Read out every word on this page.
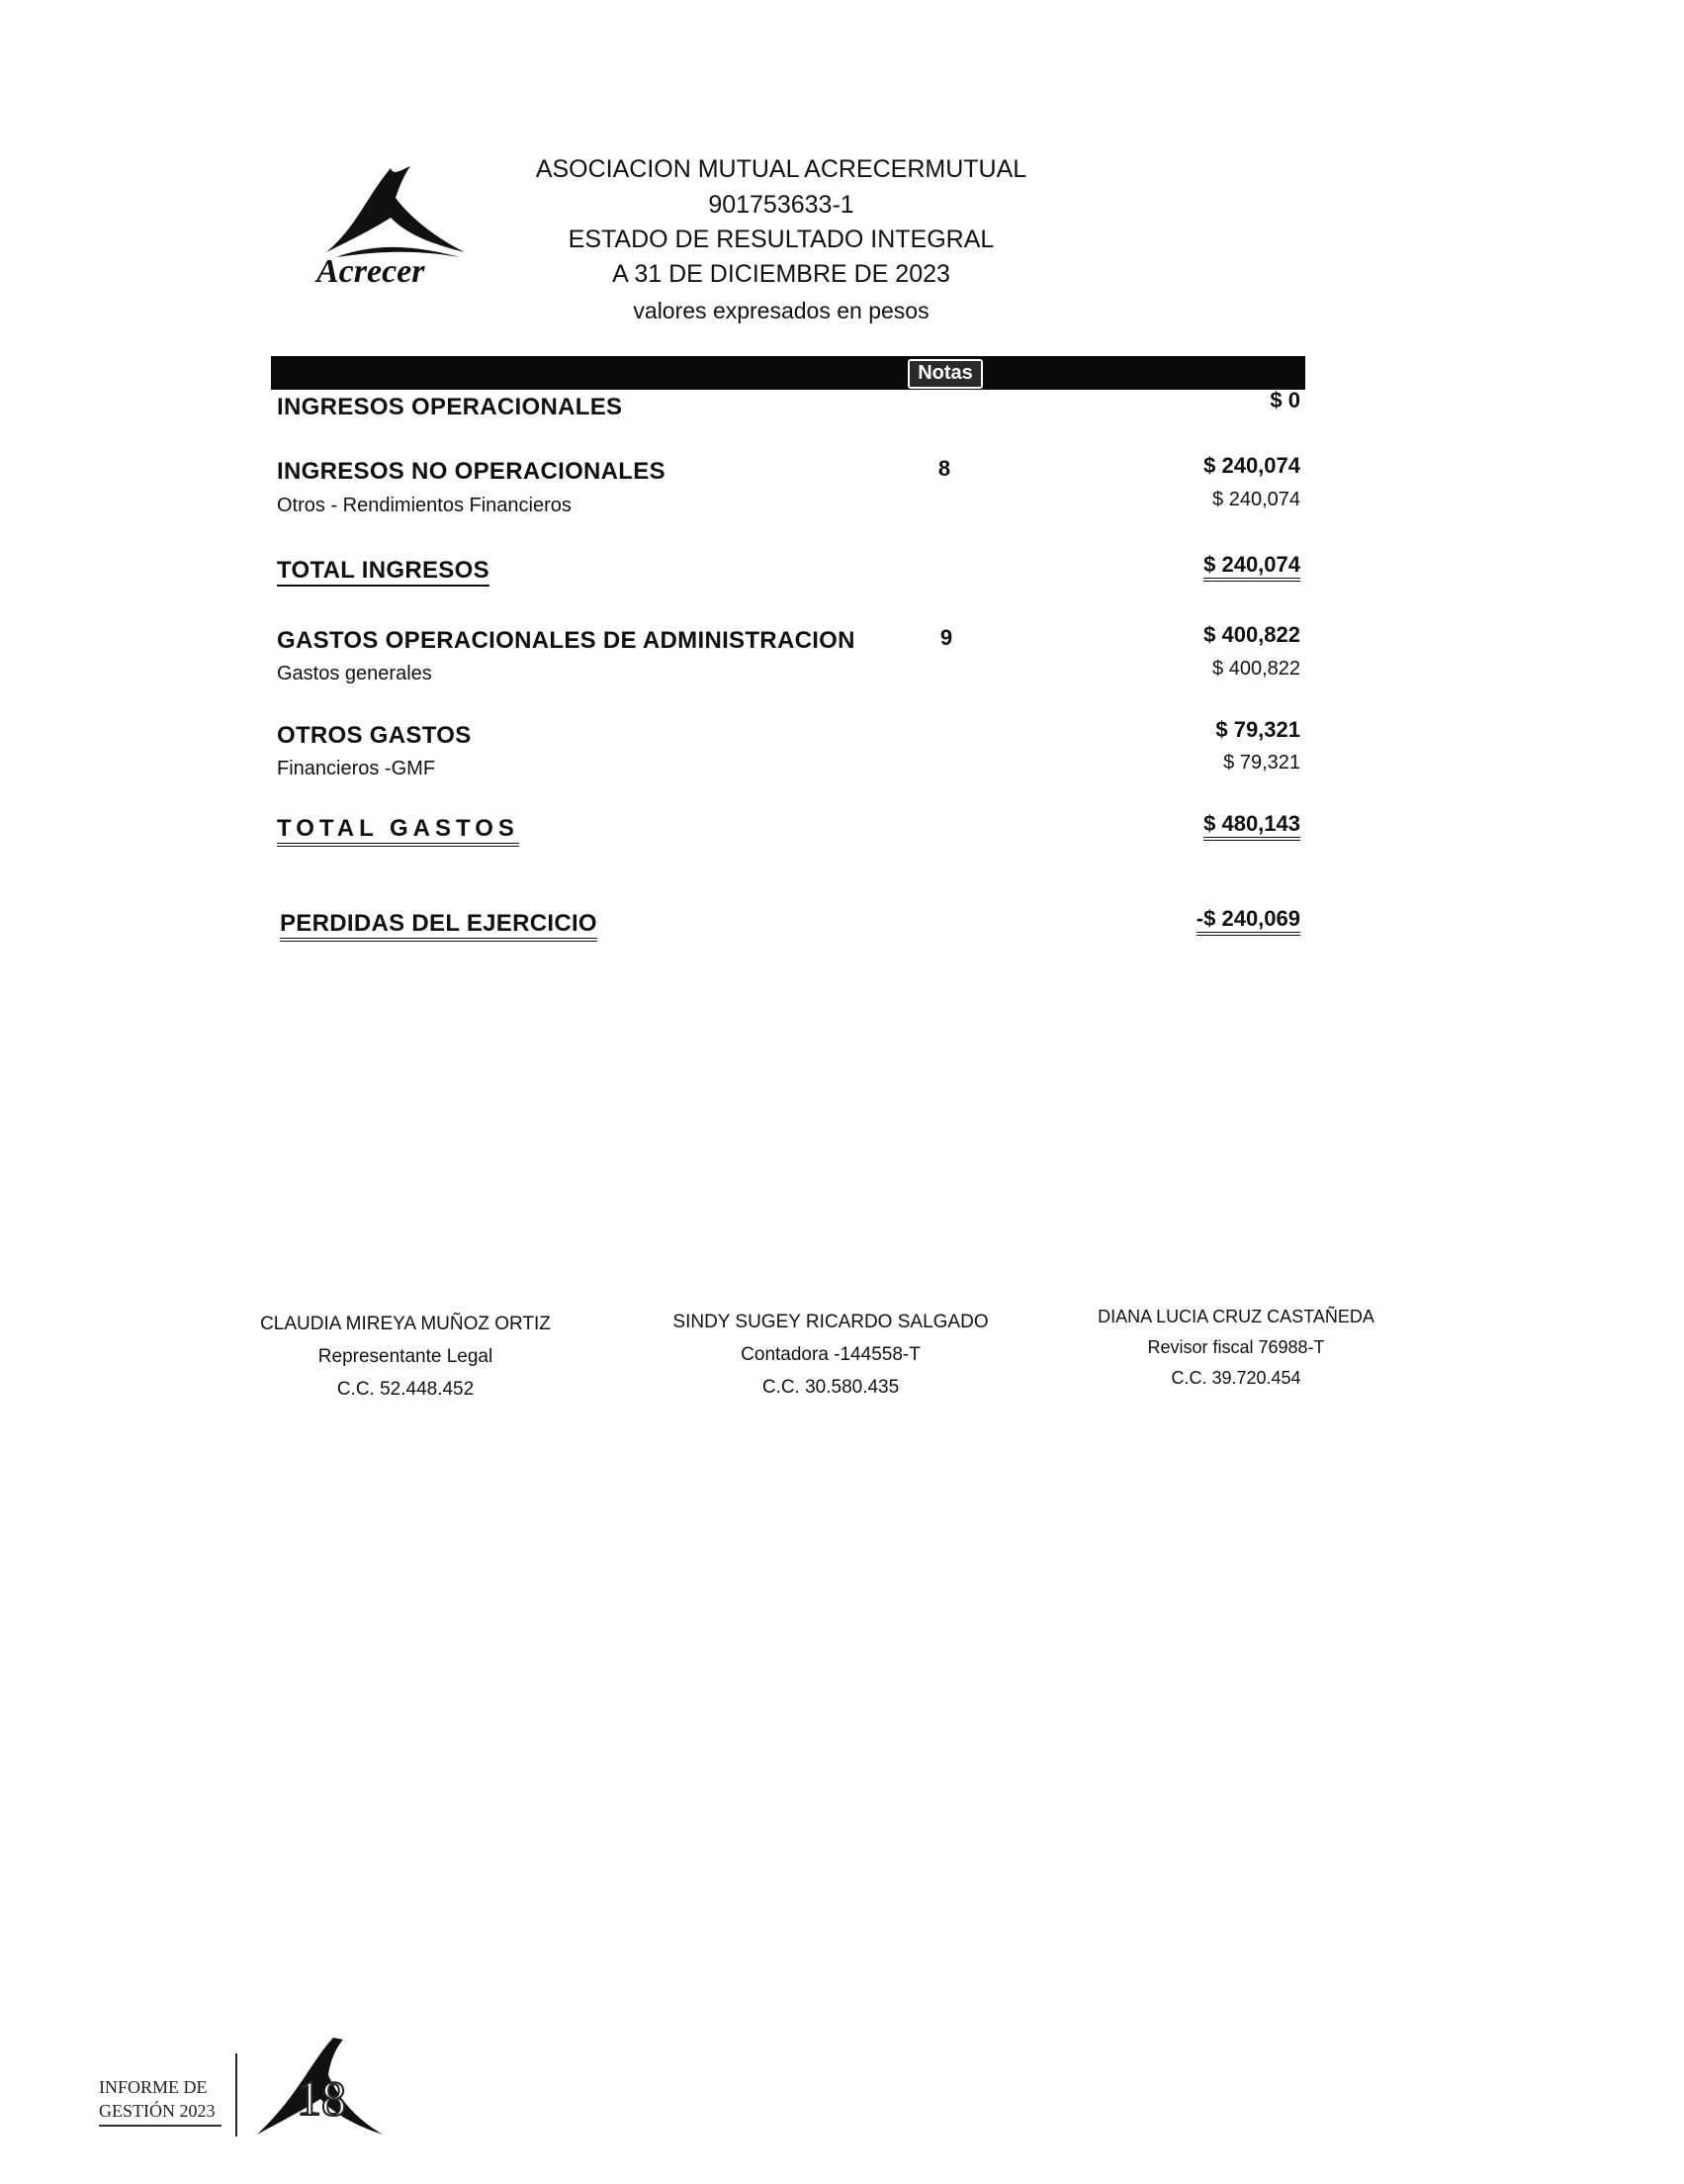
Acrecer
ASOCIACION MUTUAL ACRECERMUTUAL
901753633-1
ESTADO DE RESULTADO INTEGRAL
A 31 DE DICIEMBRE DE 2023
valores expresados en pesos
Notas
INGRESOS OPERACIONALES	$ 0
INGRESOS NO OPERACIONALES	8	$ 240,074
Otros - Rendimientos Financieros	$ 240,074
TOTAL INGRESOS	$ 240,074
GASTOS OPERACIONALES DE ADMINISTRACION	9	$ 400,822
Gastos generales	$ 400,822
OTROS GASTOS	$ 79,321
Financieros -GMF	$ 79,321
TOTAL GASTOS	$ 480,143
PERDIDAS DEL EJERCICIO	-$ 240,069
CLAUDIA MIREYA MUÑOZ ORTIZ
Representante Legal
C.C. 52.448.452
SINDY SUGEY RICARDO SALGADO
Contadora -144558-T
C.C. 30.580.435
DIANA LUCIA CRUZ CASTAÑEDA
Revisor fiscal 76988-T
C.C. 39.720.454
INFORME DE
GESTIÓN 2023 18
